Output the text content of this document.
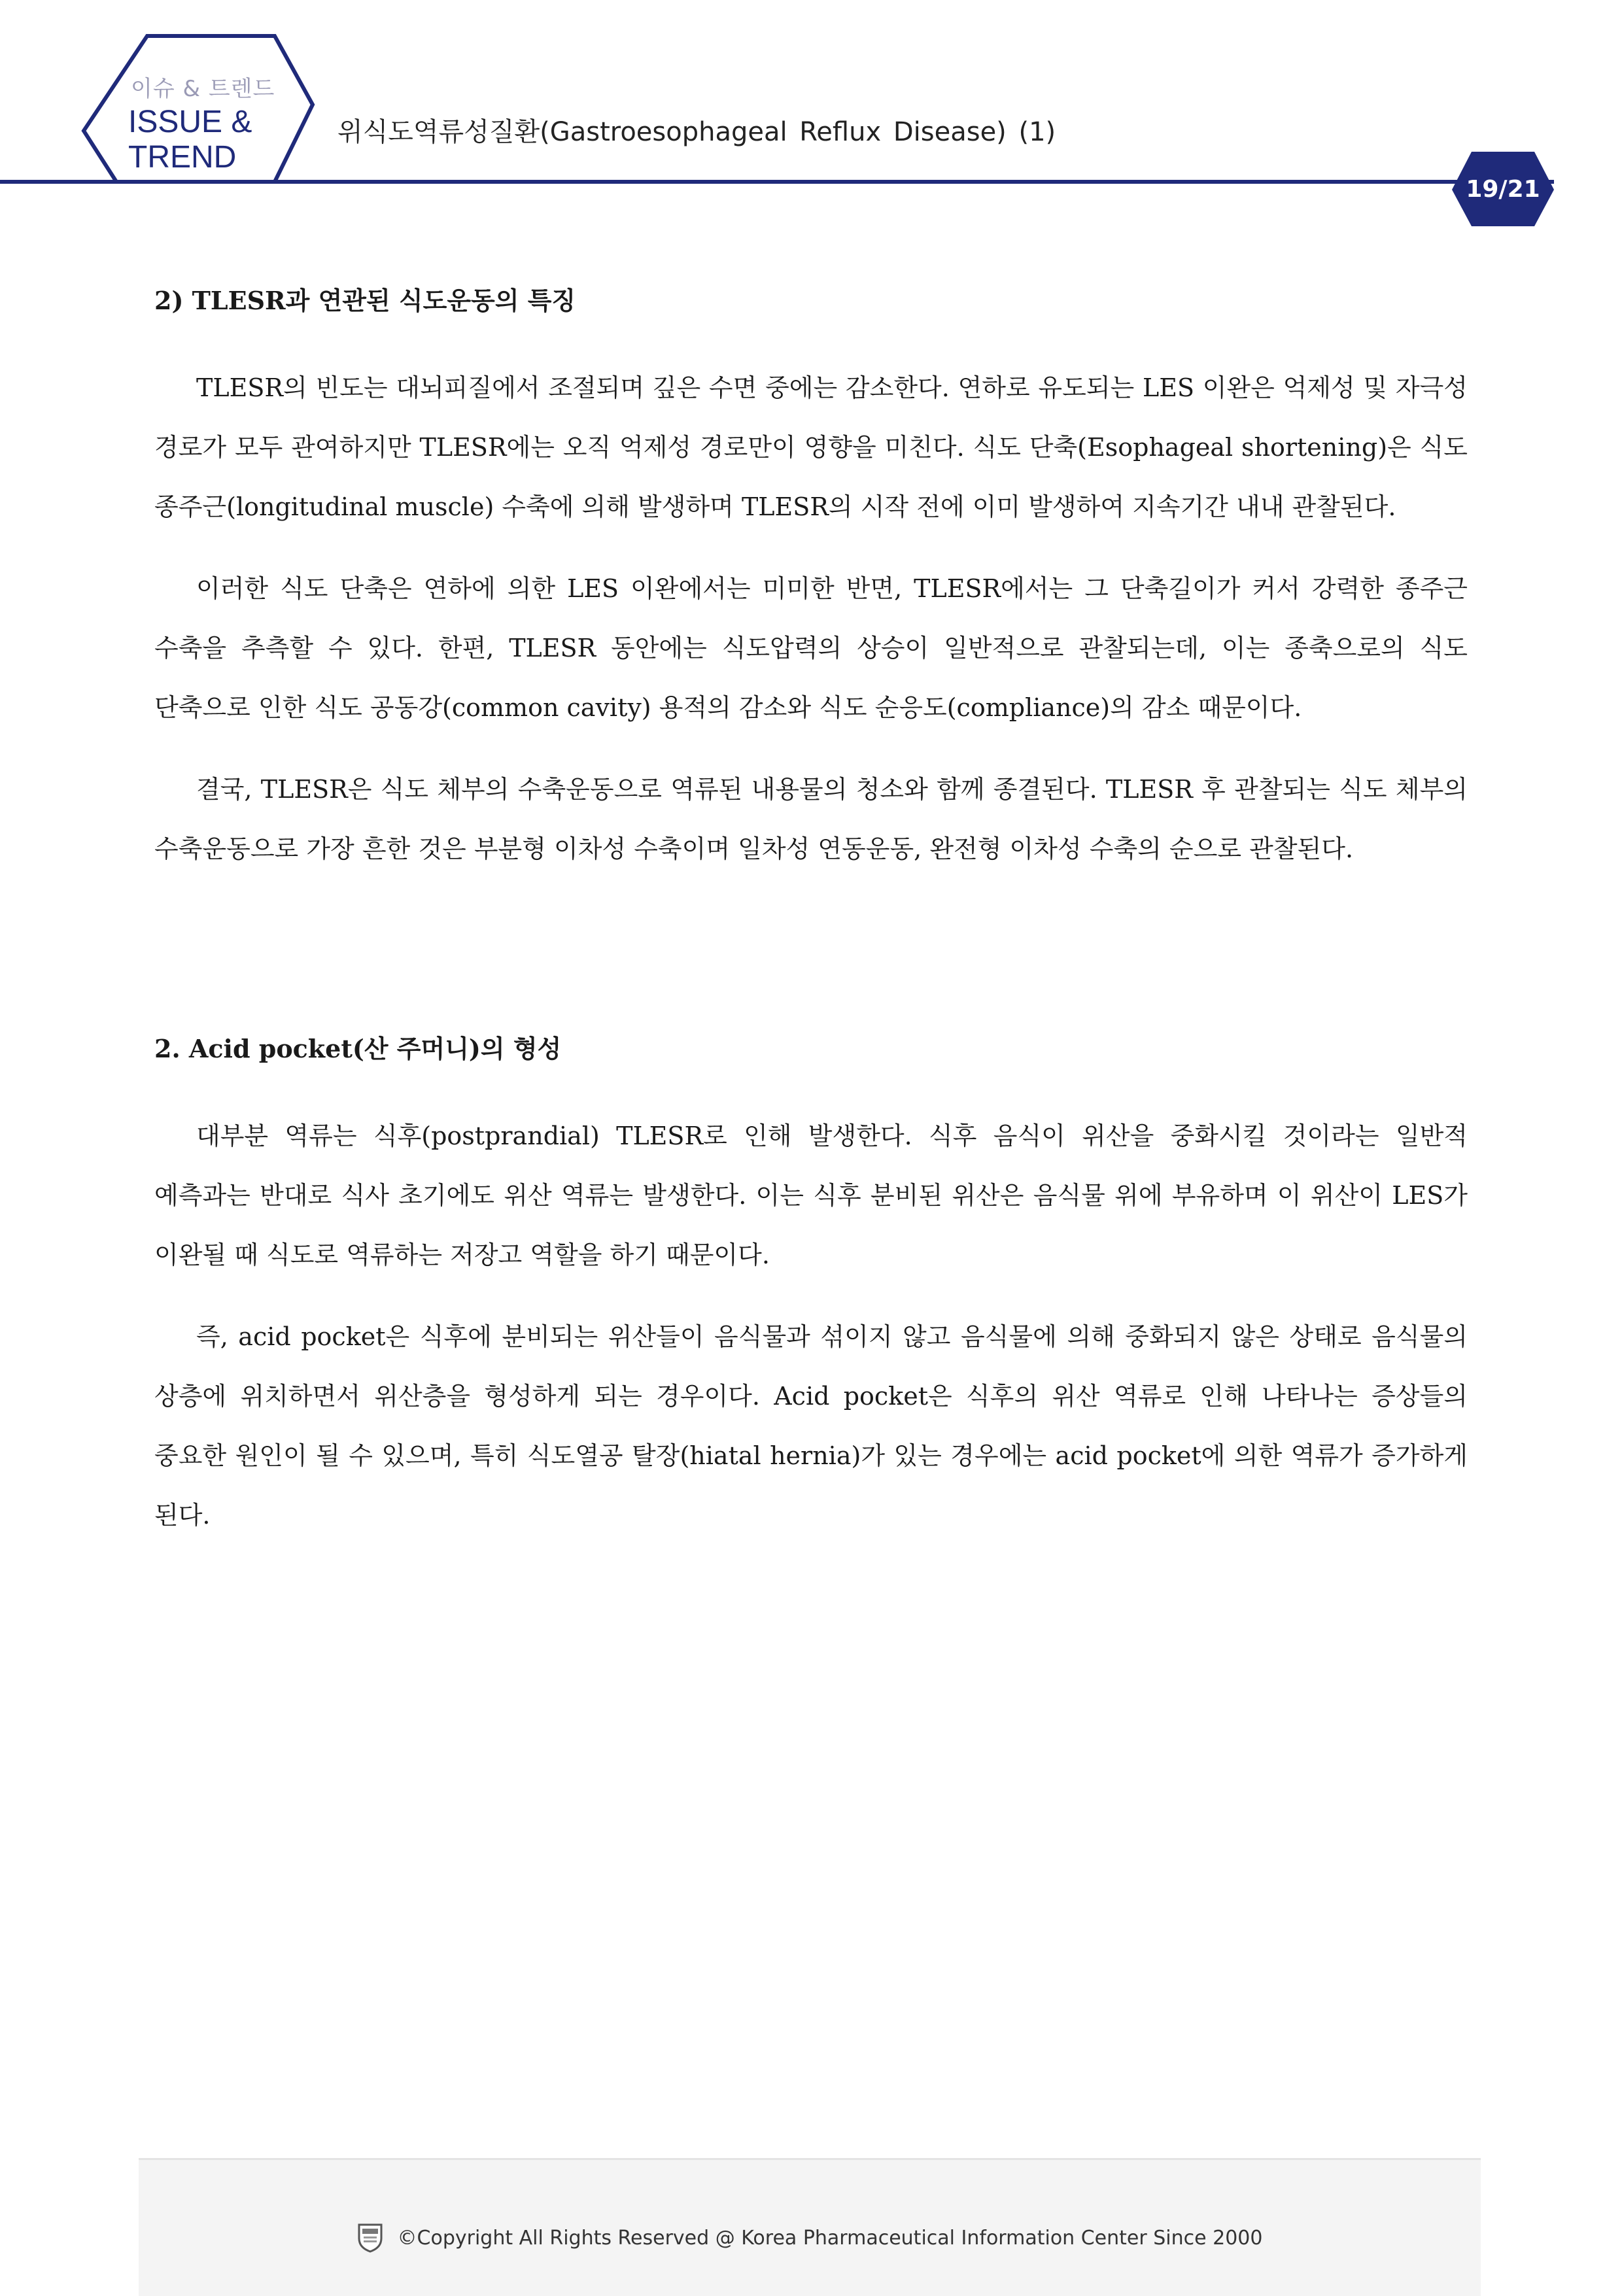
이슈 & 트렌드
ISSUE &
TREND
위식도역류성질환(Gastroesophageal Reflux Disease) (1)
19/21
2) TLESR과 연관된 식도운동의 특징

TLESR의 빈도는 대뇌피질에서 조절되며 깊은 수면 중에는 감소한다. 연하로 유도되는 LES 이완은 억제성 및 자극성 경로가 모두 관여하지만 TLESR에는 오직 억제성 경로만이 영향을 미친다. 식도 단축(Esophageal shortening)은 식도 종주근(longitudinal muscle) 수축에 의해 발생하며 TLESR의 시작 전에 이미 발생하여 지속기간 내내 관찰된다.

이러한 식도 단축은 연하에 의한 LES 이완에서는 미미한 반면, TLESR에서는 그 단축길이가 커서 강력한 종주근 수축을 추측할 수 있다. 한편, TLESR 동안에는 식도압력의 상승이 일반적으로 관찰되는데, 이는 종축으로의 식도 단축으로 인한 식도 공동강(common cavity) 용적의 감소와 식도 순응도(compliance)의 감소 때문이다.

결국, TLESR은 식도 체부의 수축운동으로 역류된 내용물의 청소와 함께 종결된다. TLESR 후 관찰되는 식도 체부의 수축운동으로 가장 흔한 것은 부분형 이차성 수축이며 일차성 연동운동, 완전형 이차성 수축의 순으로 관찰된다.

2. Acid pocket(산 주머니)의 형성

대부분 역류는 식후(postprandial) TLESR로 인해 발생한다. 식후 음식이 위산을 중화시킬 것이라는 일반적 예측과는 반대로 식사 초기에도 위산 역류는 발생한다. 이는 식후 분비된 위산은 음식물 위에 부유하며 이 위산이 LES가 이완될 때 식도로 역류하는 저장고 역할을 하기 때문이다.

즉, acid pocket은 식후에 분비되는 위산들이 음식물과 섞이지 않고 음식물에 의해 중화되지 않은 상태로 음식물의 상층에 위치하면서 위산층을 형성하게 되는 경우이다. Acid pocket은 식후의 위산 역류로 인해 나타나는 증상들의 중요한 원인이 될 수 있으며, 특히 식도열공 탈장(hiatal hernia)가 있는 경우에는 acid pocket에 의한 역류가 증가하게 된다.

©Copyright All Rights Reserved @ Korea Pharmaceutical Information Center Since 2000
